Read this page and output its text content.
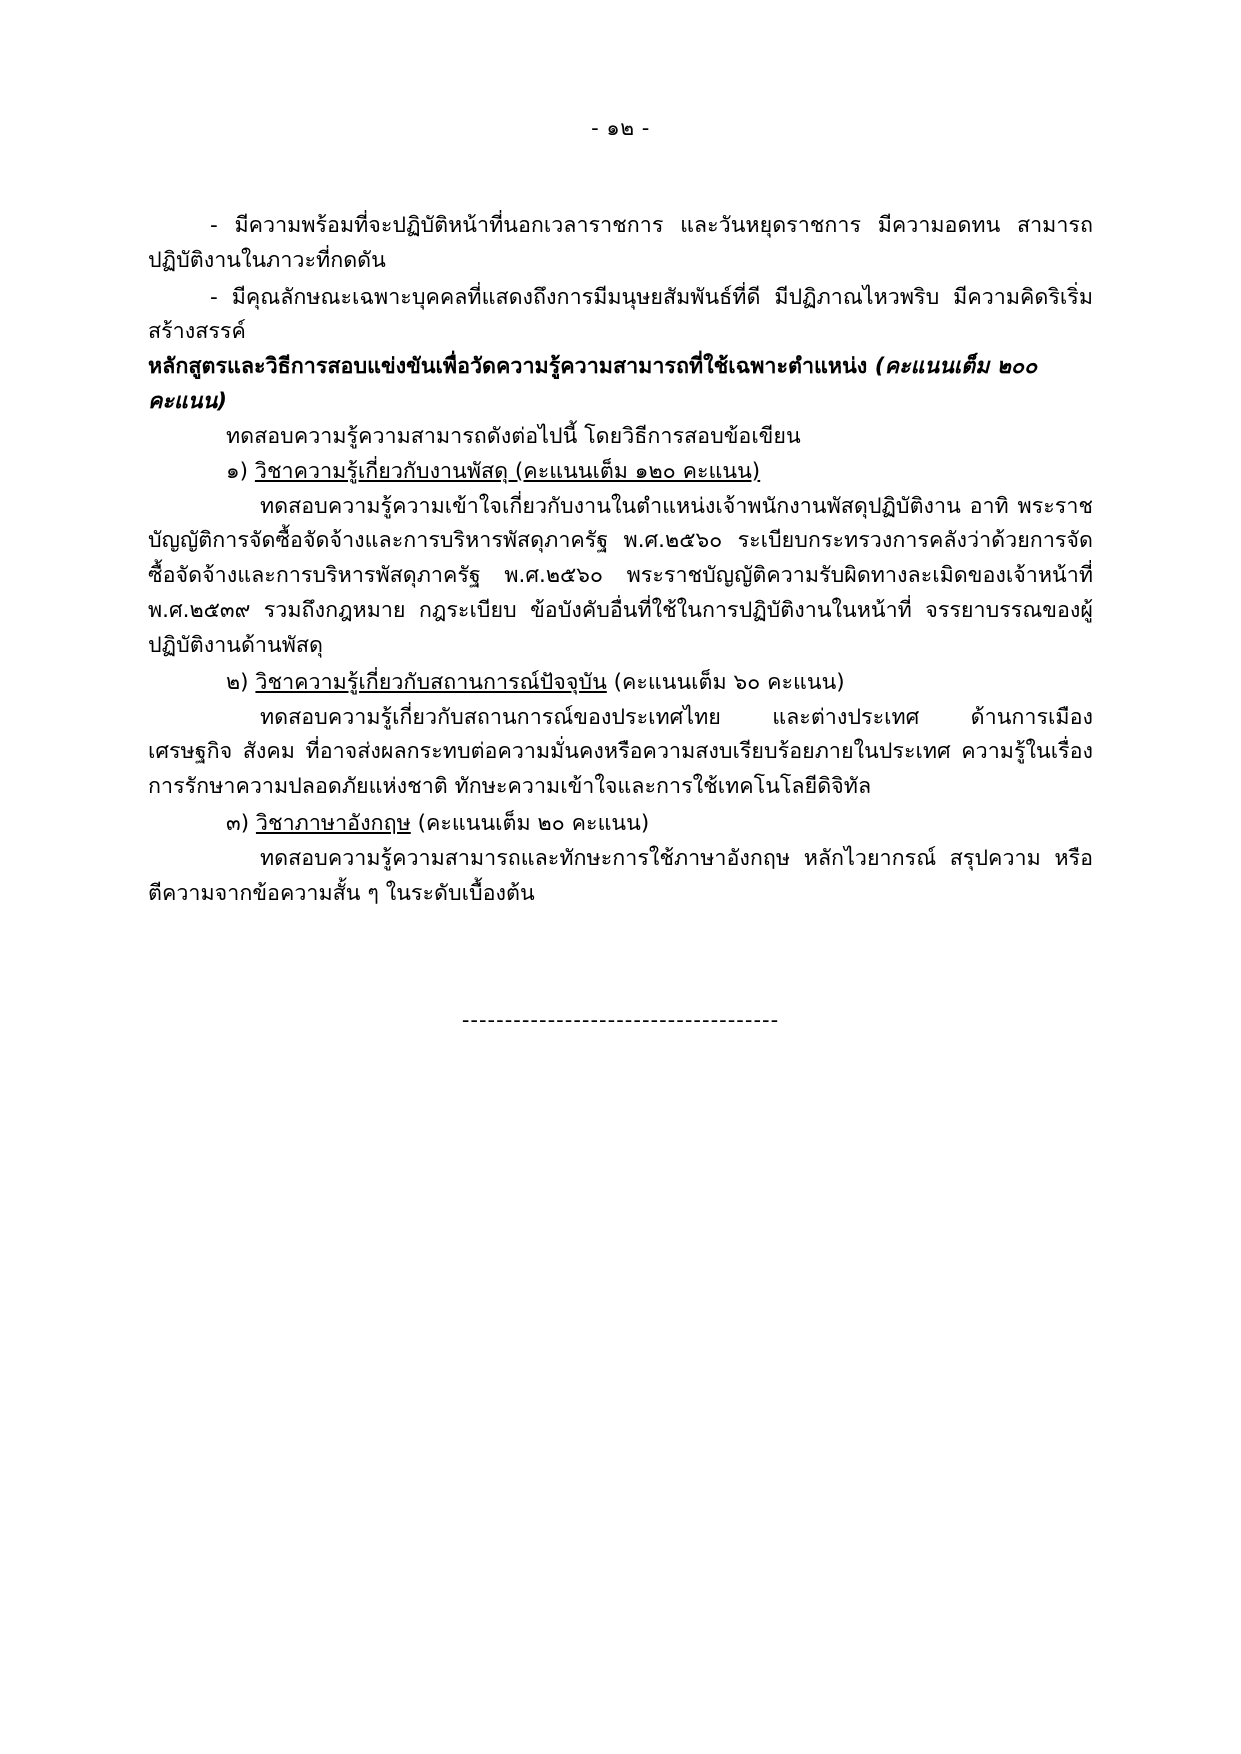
- ๑๒ -

- มีความพร้อมที่จะปฏิบัติหน้าที่นอกเวลาราชการ และวันหยุดราชการ มีความอดทน สามารถปฏิบัติงานในภาวะที่กดดัน

- มีคุณลักษณะเฉพาะบุคคลที่แสดงถึงการมีมนุษยสัมพันธ์ที่ดี มีปฏิภาณไหวพริบ มีความคิดริเริ่มสร้างสรรค์

หลักสูตรและวิธีการสอบแข่งขันเพื่อวัดความรู้ความสามารถที่ใช้เฉพาะตำแหน่ง (คะแนนเต็ม ๒๐๐ คะแนน)

ทดสอบความรู้ความสามารถดังต่อไปนี้ โดยวิธีการสอบข้อเขียน

๑) วิชาความรู้เกี่ยวกับงานพัสดุ (คะแนนเต็ม ๑๒๐ คะแนน)

ทดสอบความรู้ความเข้าใจเกี่ยวกับงานในตำแหน่งเจ้าพนักงานพัสดุปฏิบัติงาน อาทิ พระราชบัญญัติการจัดซื้อจัดจ้างและการบริหารพัสดุภาครัฐ พ.ศ.๒๕๖๐ ระเบียบกระทรวงการคลังว่าด้วยการจัดซื้อจัดจ้างและการบริหารพัสดุภาครัฐ พ.ศ.๒๕๖๐ พระราชบัญญัติความรับผิดทางละเมิดของเจ้าหน้าที่ พ.ศ.๒๕๓๙ รวมถึงกฎหมาย กฎระเบียบ ข้อบังคับอื่นที่ใช้ในการปฏิบัติงานในหน้าที่ จรรยาบรรณของผู้ปฏิบัติงานด้านพัสดุ

๒) วิชาความรู้เกี่ยวกับสถานการณ์ปัจจุบัน (คะแนนเต็ม ๖๐ คะแนน)

ทดสอบความรู้เกี่ยวกับสถานการณ์ของประเทศไทย และต่างประเทศ ด้านการเมือง เศรษฐกิจ สังคม ที่อาจส่งผลกระทบต่อความมั่นคงหรือความสงบเรียบร้อยภายในประเทศ ความรู้ในเรื่องการรักษาความปลอดภัยแห่งชาติ ทักษะความเข้าใจและการใช้เทคโนโลยีดิจิทัล

๓) วิชาภาษาอังกฤษ (คะแนนเต็ม ๒๐ คะแนน)

ทดสอบความรู้ความสามารถและทักษะการใช้ภาษาอังกฤษ หลักไวยากรณ์ สรุปความ หรือตีความจากข้อความสั้น ๆ ในระดับเบื้องต้น

-------------------------------------
